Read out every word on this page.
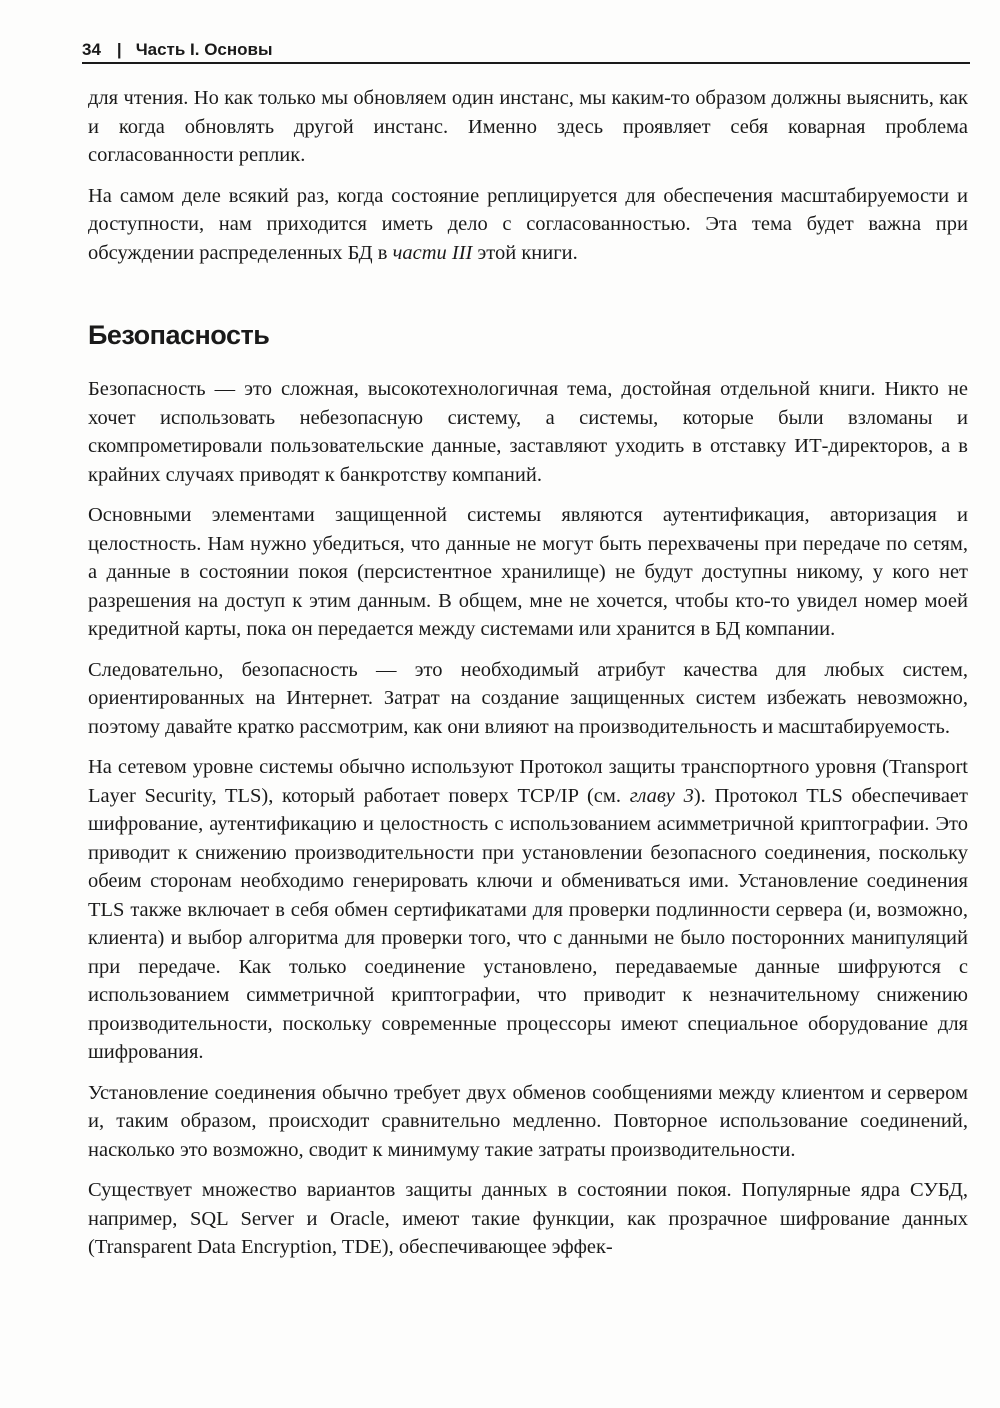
34 | Часть I. Основы

для чтения. Но как только мы обновляем один инстанс, мы каким-то образом должны выяснить, как и когда обновлять другой инстанс. Именно здесь проявляет себя коварная проблема согласованности реплик.

На самом деле всякий раз, когда состояние реплицируется для обеспечения масштабируемости и доступности, нам приходится иметь дело с согласованностью. Эта тема будет важна при обсуждении распределенных БД в части III этой книги.

Безопасность

Безопасность — это сложная, высокотехнологичная тема, достойная отдельной книги. Никто не хочет использовать небезопасную систему, а системы, которые были взломаны и скомпрометировали пользовательские данные, заставляют уходить в отставку ИТ-директоров, а в крайних случаях приводят к банкротству компаний.

Основными элементами защищенной системы являются аутентификация, авторизация и целостность. Нам нужно убедиться, что данные не могут быть перехвачены при передаче по сетям, а данные в состоянии покоя (персистентное хранилище) не будут доступны никому, у кого нет разрешения на доступ к этим данным. В общем, мне не хочется, чтобы кто-то увидел номер моей кредитной карты, пока он передается между системами или хранится в БД компании.

Следовательно, безопасность — это необходимый атрибут качества для любых систем, ориентированных на Интернет. Затрат на создание защищенных систем избежать невозможно, поэтому давайте кратко рассмотрим, как они влияют на производительность и масштабируемость.

На сетевом уровне системы обычно используют Протокол защиты транспортного уровня (Transport Layer Security, TLS), который работает поверх TCP/IP (см. главу 3). Протокол TLS обеспечивает шифрование, аутентификацию и целостность с использованием асимметричной криптографии. Это приводит к снижению производительности при установлении безопасного соединения, поскольку обеим сторонам необходимо генерировать ключи и обмениваться ими. Установление соединения TLS также включает в себя обмен сертификатами для проверки подлинности сервера (и, возможно, клиента) и выбор алгоритма для проверки того, что с данными не было посторонних манипуляций при передаче. Как только соединение установлено, передаваемые данные шифруются с использованием симметричной криптографии, что приводит к незначительному снижению производительности, поскольку современные процессоры имеют специальное оборудование для шифрования.

Установление соединения обычно требует двух обменов сообщениями между клиентом и сервером и, таким образом, происходит сравнительно медленно. Повторное использование соединений, насколько это возможно, сводит к минимуму такие затраты производительности.

Существует множество вариантов защиты данных в состоянии покоя. Популярные ядра СУБД, например, SQL Server и Oracle, имеют такие функции, как прозрачное шифрование данных (Transparent Data Encryption, TDE), обеспечивающее эффек-
